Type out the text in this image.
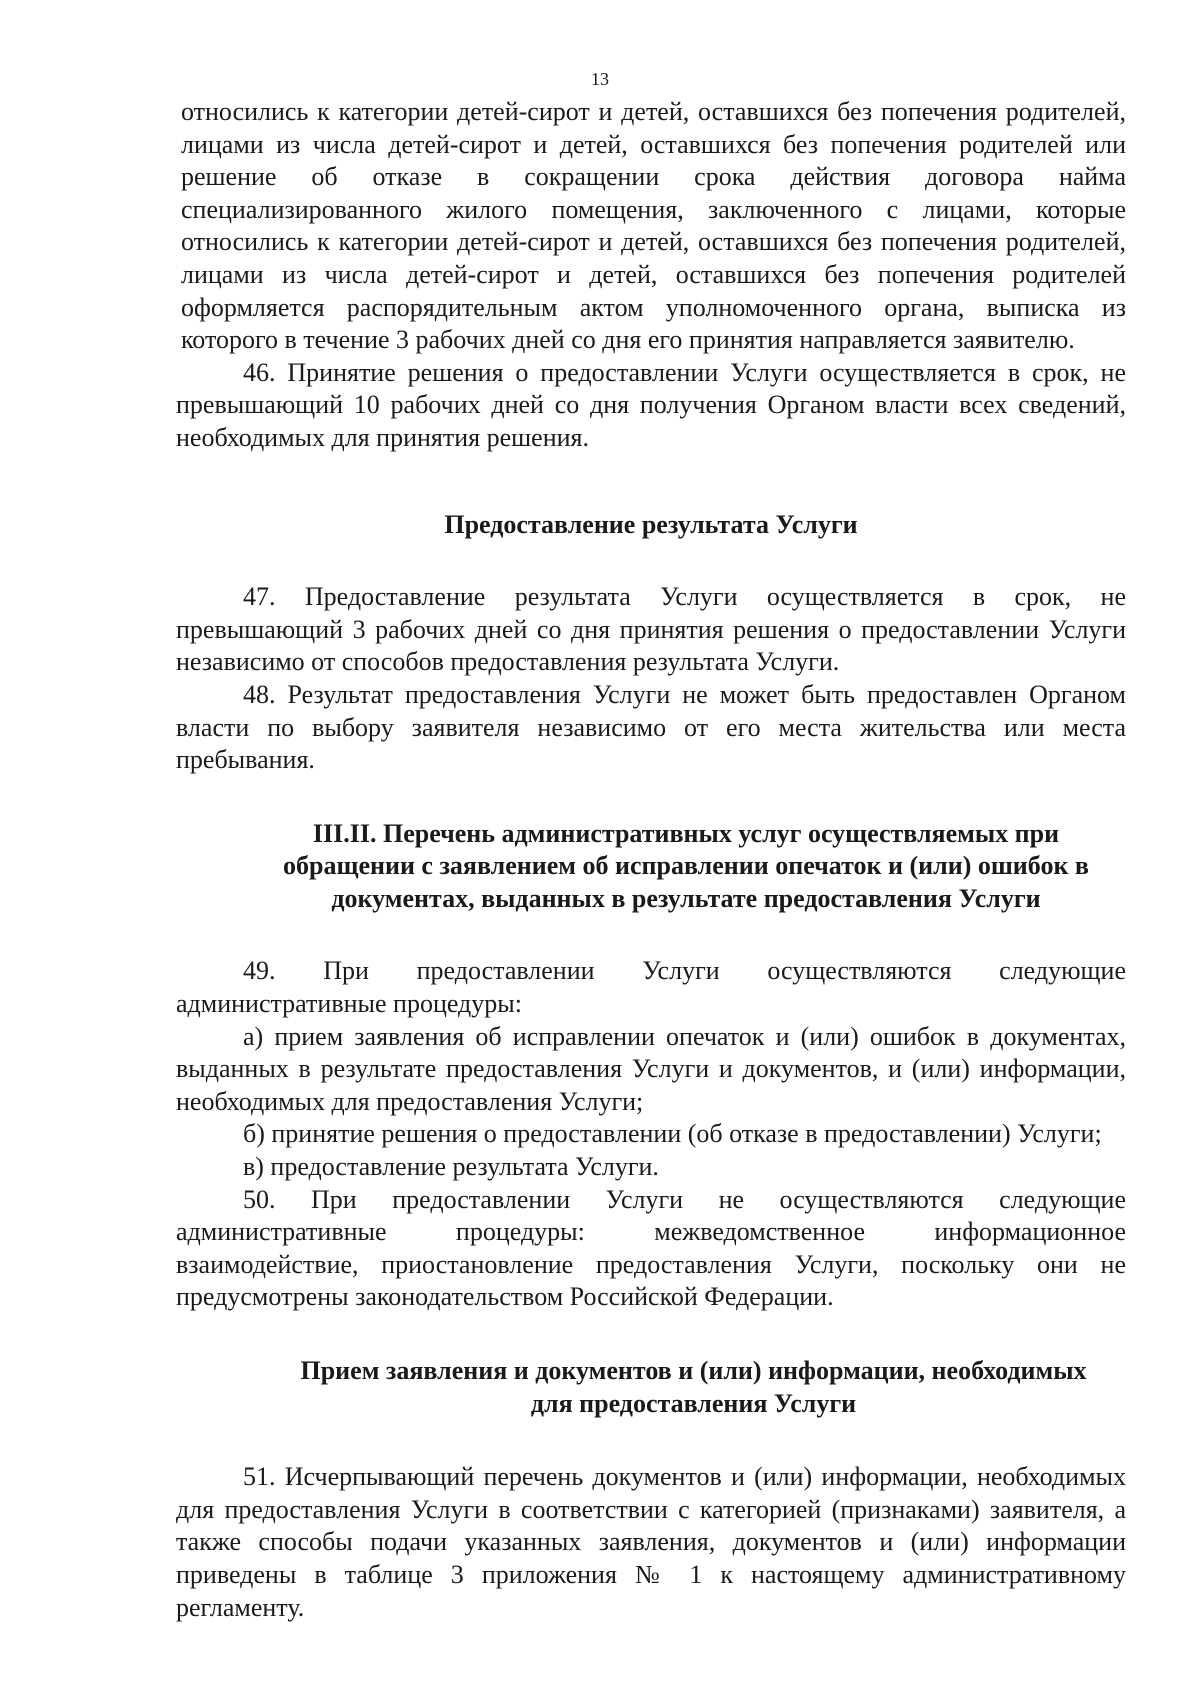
13

относились к категории детей-сирот и детей, оставшихся без попечения родителей, лицами из числа детей-сирот и детей, оставшихся без попечения родителей или решение об отказе в сокращении срока действия договора найма специализированного жилого помещения, заключенного с лицами, которые относились к категории детей-сирот и детей, оставшихся без попечения родителей, лицами из числа детей-сирот и детей, оставшихся без попечения родителей оформляется распорядительным актом уполномоченного органа, выписка из которого в течение 3 рабочих дней со дня его принятия направляется заявителю.

46. Принятие решения о предоставлении Услуги осуществляется в срок, не превышающий 10 рабочих дней со дня получения Органом власти всех сведений, необходимых для принятия решения.

Предоставление результата Услуги

47. Предоставление результата Услуги осуществляется в срок, не превышающий 3 рабочих дней со дня принятия решения о предоставлении Услуги независимо от способов предоставления результата Услуги.

48. Результат предоставления Услуги не может быть предоставлен Органом власти по выбору заявителя независимо от его места жительства или места пребывания.

III.II. Перечень административных услуг осуществляемых при
обращении с заявлением об исправлении опечаток и (или) ошибок в
документах, выданных в результате предоставления Услуги

49. При предоставлении Услуги осуществляются следующие административные процедуры:

а) прием заявления об исправлении опечаток и (или) ошибок в документах, выданных в результате предоставления Услуги и документов, и (или) информации, необходимых для предоставления Услуги;

б) принятие решения о предоставлении (об отказе в предоставлении) Услуги;

в) предоставление результата Услуги.

50. При предоставлении Услуги не осуществляются следующие административные процедуры: межведомственное информационное взаимодействие, приостановление предоставления Услуги, поскольку они не предусмотрены законодательством Российской Федерации.

Прием заявления и документов и (или) информации, необходимых
для предоставления Услуги

51. Исчерпывающий перечень документов и (или) информации, необходимых для предоставления Услуги в соответствии с категорией (признаками) заявителя, а также способы подачи указанных заявления, документов и (или) информации приведены в таблице 3 приложения № 1 к настоящему административному регламенту.
